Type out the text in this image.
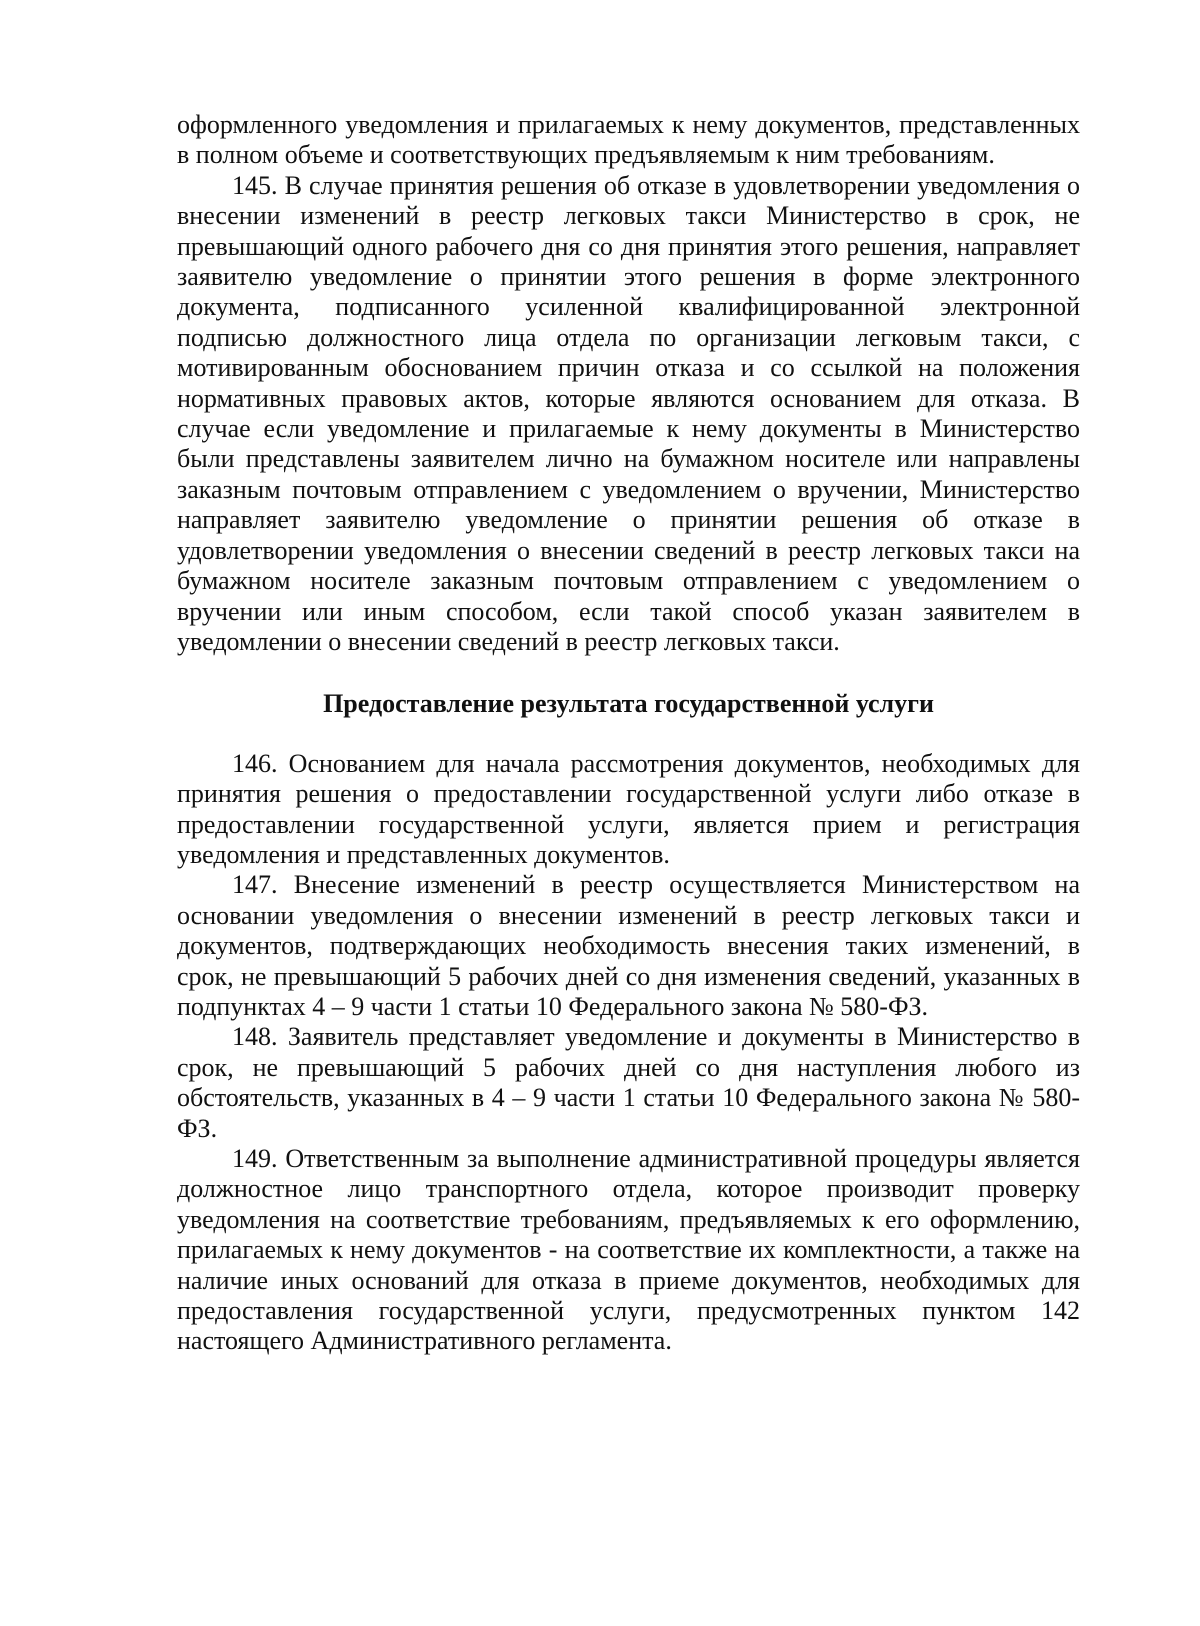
оформленного уведомления и прилагаемых к нему документов, представленных в полном объеме и соответствующих предъявляемым к ним требованиям.

145. В случае принятия решения об отказе в удовлетворении уведомления о внесении изменений в реестр легковых такси Министерство в срок, не превышающий одного рабочего дня со дня принятия этого решения, направляет заявителю уведомление о принятии этого решения в форме электронного документа, подписанного усиленной квалифицированной электронной подписью должностного лица отдела по организации легковым такси, с мотивированным обоснованием причин отказа и со ссылкой на положения нормативных правовых актов, которые являются основанием для отказа. В случае если уведомление и прилагаемые к нему документы в Министерство были представлены заявителем лично на бумажном носителе или направлены заказным почтовым отправлением с уведомлением о вручении, Министерство направляет заявителю уведомление о принятии решения об отказе в удовлетворении уведомления о внесении сведений в реестр легковых такси на бумажном носителе заказным почтовым отправлением с уведомлением о вручении или иным способом, если такой способ указан заявителем в уведомлении о внесении сведений в реестр легковых такси.

Предоставление результата государственной услуги

146. Основанием для начала рассмотрения документов, необходимых для принятия решения о предоставлении государственной услуги либо отказе в предоставлении государственной услуги, является прием и регистрация уведомления и представленных документов.

147. Внесение изменений в реестр осуществляется Министерством на основании уведомления о внесении изменений в реестр легковых такси и документов, подтверждающих необходимость внесения таких изменений, в срок, не превышающий 5 рабочих дней со дня изменения сведений, указанных в подпунктах 4 – 9 части 1 статьи 10 Федерального закона № 580-ФЗ.

148. Заявитель представляет уведомление и документы в Министерство в срок, не превышающий 5 рабочих дней со дня наступления любого из обстоятельств, указанных в 4 – 9 части 1 статьи 10 Федерального закона № 580-ФЗ.

149. Ответственным за выполнение административной процедуры является должностное лицо транспортного отдела, которое производит проверку уведомления на соответствие требованиям, предъявляемых к его оформлению, прилагаемых к нему документов - на соответствие их комплектности, а также на наличие иных оснований для отказа в приеме документов, необходимых для предоставления государственной услуги, предусмотренных пунктом 142 настоящего Административного регламента.
